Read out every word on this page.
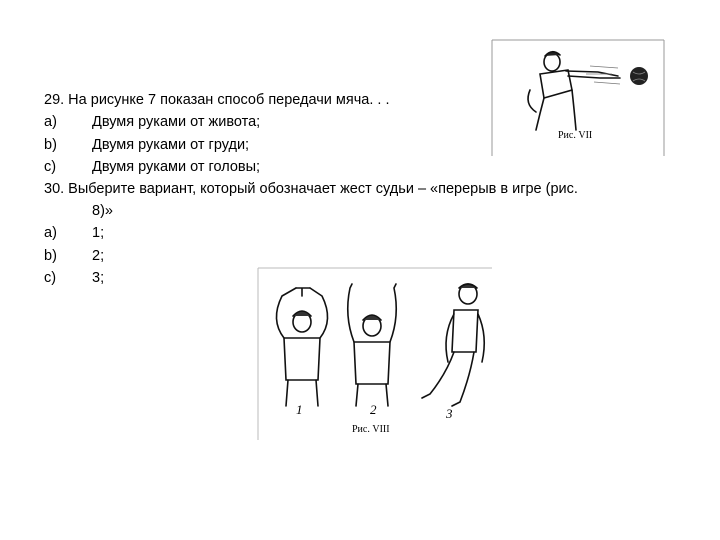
29. На рисунке 7 показан способ передачи мяча. . .
a) Двумя руками от живота;
b) Двумя руками от груди;
c) Двумя руками от головы;
30. Выберите вариант, который обозначает жест судьи – «перерыв в игре (рис.
8)»
a) 1;
b) 2;
c) 3;
Рис. VII
1	2	3
Рис. VIII
